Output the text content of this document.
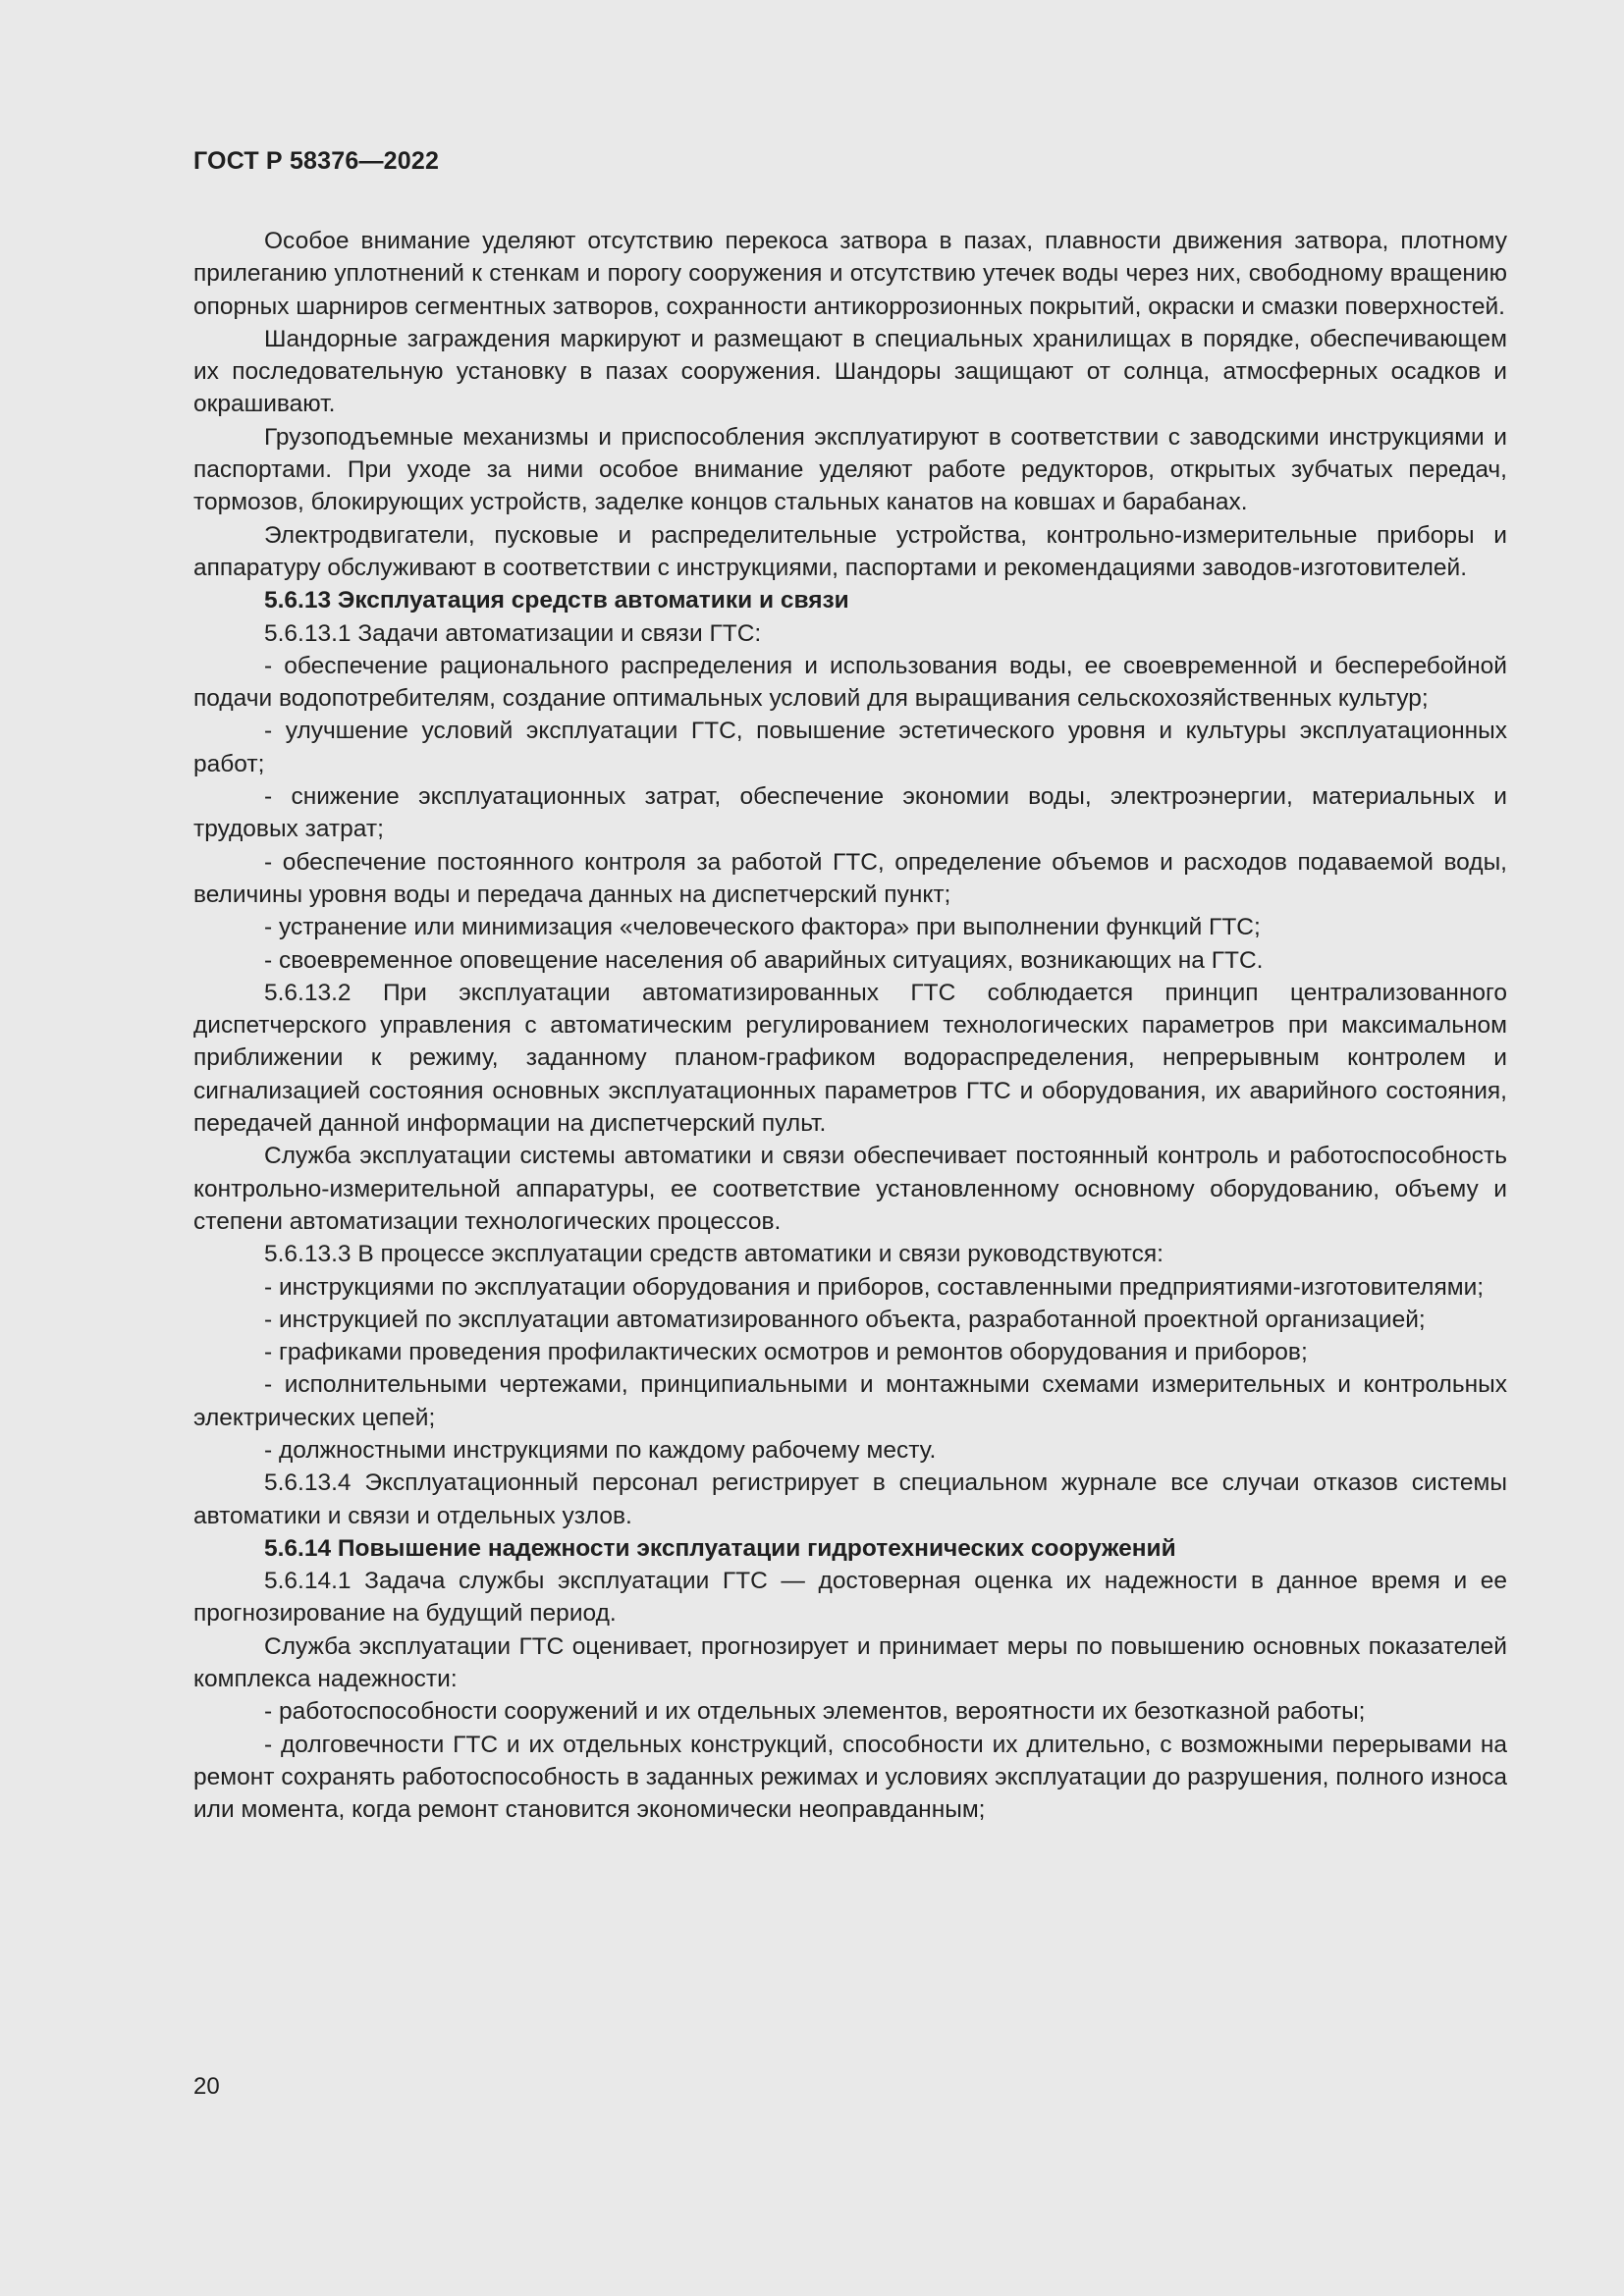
ГОСТ Р 58376—2022

Особое внимание уделяют отсутствию перекоса затвора в пазах, плавности движения затвора, плотному прилеганию уплотнений к стенкам и порогу сооружения и отсутствию утечек воды через них, свободному вращению опорных шарниров сегментных затворов, сохранности антикоррозионных покрытий, окраски и смазки поверхностей.

Шандорные заграждения маркируют и размещают в специальных хранилищах в порядке, обеспечивающем их последовательную установку в пазах сооружения. Шандоры защищают от солнца, атмосферных осадков и окрашивают.

Грузоподъемные механизмы и приспособления эксплуатируют в соответствии с заводскими инструкциями и паспортами. При уходе за ними особое внимание уделяют работе редукторов, открытых зубчатых передач, тормозов, блокирующих устройств, заделке концов стальных канатов на ковшах и барабанах.

Электродвигатели, пусковые и распределительные устройства, контрольно-измерительные приборы и аппаратуру обслуживают в соответствии с инструкциями, паспортами и рекомендациями заводов-изготовителей.

5.6.13 Эксплуатация средств автоматики и связи

5.6.13.1 Задачи автоматизации и связи ГТС:

- обеспечение рационального распределения и использования воды, ее своевременной и бесперебойной подачи водопотребителям, создание оптимальных условий для выращивания сельскохозяйственных культур;

- улучшение условий эксплуатации ГТС, повышение эстетического уровня и культуры эксплуатационных работ;

- снижение эксплуатационных затрат, обеспечение экономии воды, электроэнергии, материальных и трудовых затрат;

- обеспечение постоянного контроля за работой ГТС, определение объемов и расходов подаваемой воды, величины уровня воды и передача данных на диспетчерский пункт;

- устранение или минимизация «человеческого фактора» при выполнении функций ГТС;

- своевременное оповещение населения об аварийных ситуациях, возникающих на ГТС.

5.6.13.2 При эксплуатации автоматизированных ГТС соблюдается принцип централизованного диспетчерского управления с автоматическим регулированием технологических параметров при максимальном приближении к режиму, заданному планом-графиком водораспределения, непрерывным контролем и сигнализацией состояния основных эксплуатационных параметров ГТС и оборудования, их аварийного состояния, передачей данной информации на диспетчерский пульт.

Служба эксплуатации системы автоматики и связи обеспечивает постоянный контроль и работоспособность контрольно-измерительной аппаратуры, ее соответствие установленному основному оборудованию, объему и степени автоматизации технологических процессов.

5.6.13.3 В процессе эксплуатации средств автоматики и связи руководствуются:

- инструкциями по эксплуатации оборудования и приборов, составленными предприятиями-изготовителями;

- инструкцией по эксплуатации автоматизированного объекта, разработанной проектной организацией;

- графиками проведения профилактических осмотров и ремонтов оборудования и приборов;

- исполнительными чертежами, принципиальными и монтажными схемами измерительных и контрольных электрических цепей;

- должностными инструкциями по каждому рабочему месту.

5.6.13.4 Эксплуатационный персонал регистрирует в специальном журнале все случаи отказов системы автоматики и связи и отдельных узлов.

5.6.14 Повышение надежности эксплуатации гидротехнических сооружений

5.6.14.1 Задача службы эксплуатации ГТС — достоверная оценка их надежности в данное время и ее прогнозирование на будущий период.

Служба эксплуатации ГТС оценивает, прогнозирует и принимает меры по повышению основных показателей комплекса надежности:

- работоспособности сооружений и их отдельных элементов, вероятности их безотказной работы;

- долговечности ГТС и их отдельных конструкций, способности их длительно, с возможными перерывами на ремонт сохранять работоспособность в заданных режимах и условиях эксплуатации до разрушения, полного износа или момента, когда ремонт становится экономически неоправданным;

20
